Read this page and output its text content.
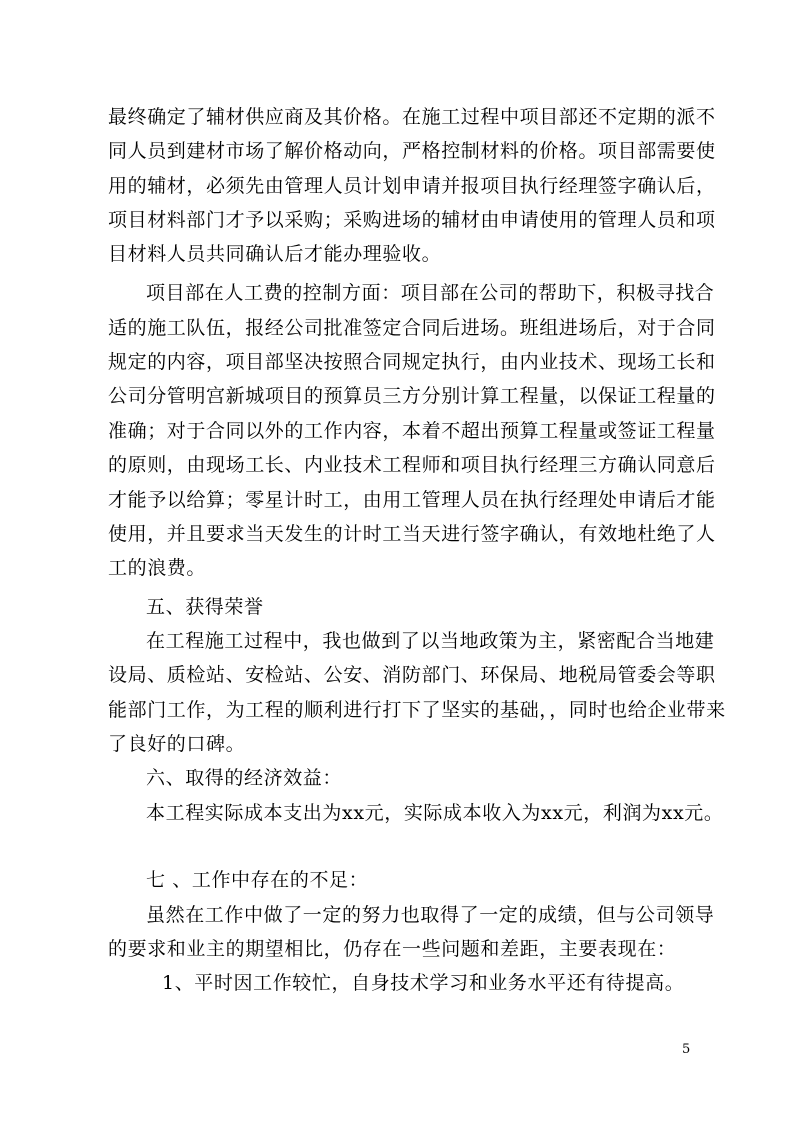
最终确定了辅材供应商及其价格。在施工过程中项目部还不定期的派不
同人员到建材市场了解价格动向，严格控制材料的价格。项目部需要使
用的辅材，必须先由管理人员计划申请并报项目执行经理签字确认后，
项目材料部门才予以采购；采购进场的辅材由申请使用的管理人员和项
目材料人员共同确认后才能办理验收。
项目部在人工费的控制方面：项目部在公司的帮助下，积极寻找合
适的施工队伍，报经公司批准签定合同后进场。班组进场后，对于合同
规定的内容，项目部坚决按照合同规定执行，由内业技术、现场工长和
公司分管明宫新城项目的预算员三方分别计算工程量，以保证工程量的
准确；对于合同以外的工作内容，本着不超出预算工程量或签证工程量
的原则，由现场工长、内业技术工程师和项目执行经理三方确认同意后
才能予以给算；零星计时工，由用工管理人员在执行经理处申请后才能
使用，并且要求当天发生的计时工当天进行签字确认，有效地杜绝了人
工的浪费。
五、获得荣誉
在工程施工过程中，我也做到了以当地政策为主，紧密配合当地建
设局、质检站、安检站、公安、消防部门、环保局、地税局管委会等职
能部门工作，为工程的顺利进行打下了坚实的基础，，同时也给企业带来
了良好的口碑。
六、取得的经济效益：
本工程实际成本支出为xx元，实际成本收入为xx元，利润为xx元。
七 、工作中存在的不足：
虽然在工作中做了一定的努力也取得了一定的成绩，但与公司领导
的要求和业主的期望相比，仍存在一些问题和差距，主要表现在：
1、平时因工作较忙，自身技术学习和业务水平还有待提高。
5
